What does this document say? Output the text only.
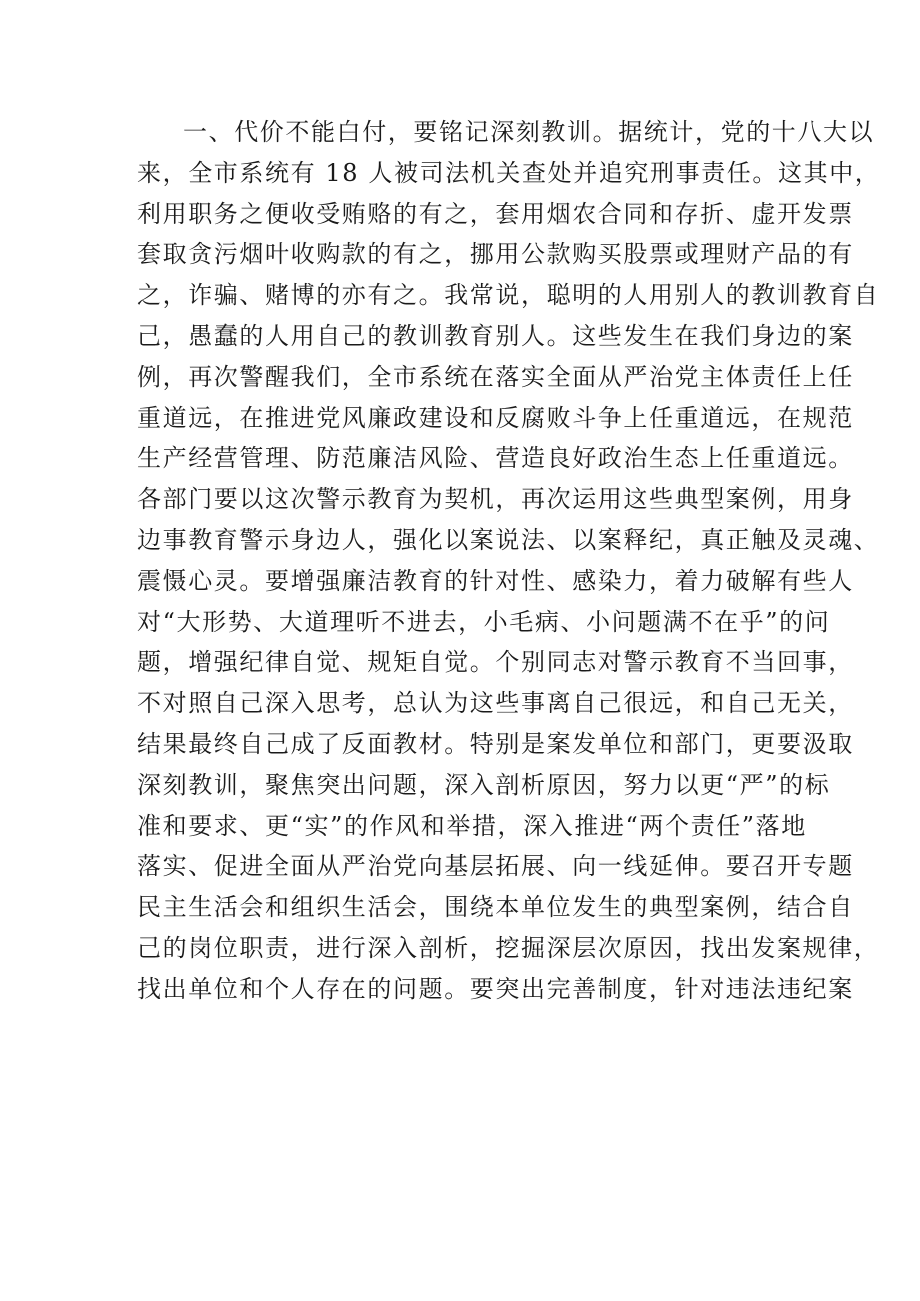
一、代价不能白付，要铭记深刻教训。据统计，党的十八大以
来，全市系统有 18 人被司法机关查处并追究刑事责任。这其中，
利用职务之便收受贿赂的有之，套用烟农合同和存折、虚开发票
套取贪污烟叶收购款的有之，挪用公款购买股票或理财产品的有
之，诈骗、赌博的亦有之。我常说，聪明的人用别人的教训教育自
己，愚蠢的人用自己的教训教育别人。这些发生在我们身边的案
例，再次警醒我们，全市系统在落实全面从严治党主体责任上任
重道远，在推进党风廉政建设和反腐败斗争上任重道远，在规范
生产经营管理、防范廉洁风险、营造良好政治生态上任重道远。
各部门要以这次警示教育为契机，再次运用这些典型案例，用身
边事教育警示身边人，强化以案说法、以案释纪，真正触及灵魂、
震慑心灵。要增强廉洁教育的针对性、感染力，着力破解有些人
对“大形势、大道理听不进去，小毛病、小问题满不在乎”的问
题，增强纪律自觉、规矩自觉。个别同志对警示教育不当回事，
不对照自己深入思考，总认为这些事离自己很远，和自己无关，
结果最终自己成了反面教材。特别是案发单位和部门，更要汲取
深刻教训，聚焦突出问题，深入剖析原因，努力以更“严”的标
准和要求、更“实”的作风和举措，深入推进“两个责任”落地
落实、促进全面从严治党向基层拓展、向一线延伸。要召开专题
民主生活会和组织生活会，围绕本单位发生的典型案例，结合自
己的岗位职责，进行深入剖析，挖掘深层次原因，找出发案规律，
找出单位和个人存在的问题。要突出完善制度，针对违法违纪案
